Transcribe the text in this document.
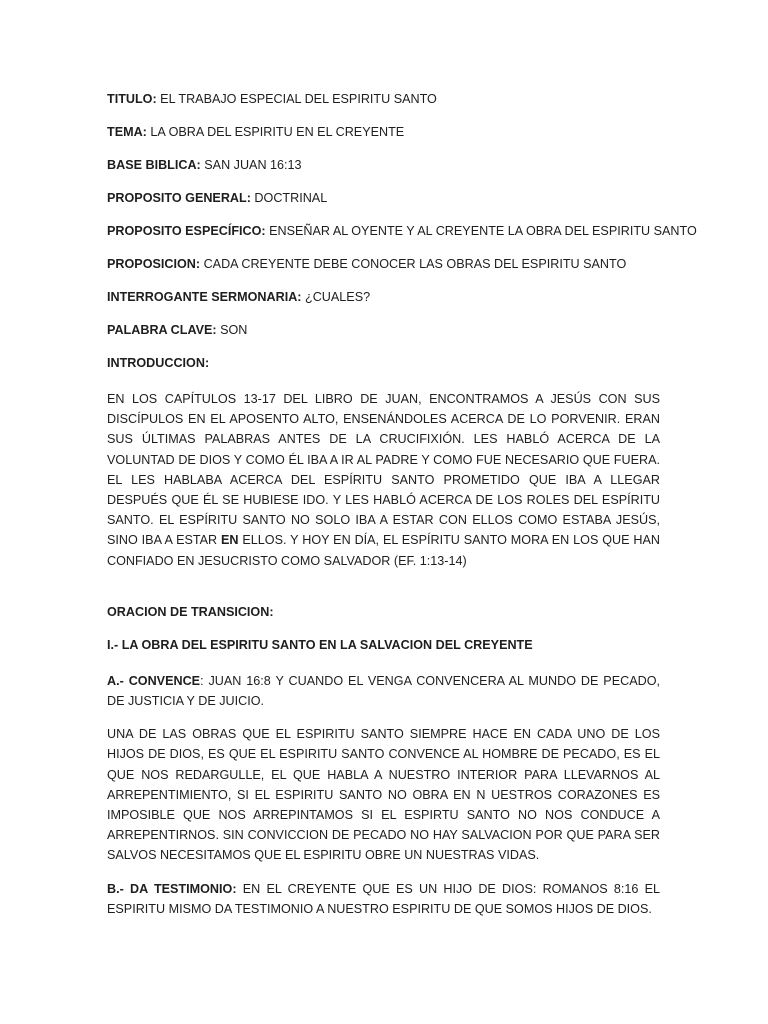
TITULO: EL TRABAJO ESPECIAL DEL ESPIRITU SANTO

TEMA: LA OBRA DEL ESPIRITU EN EL CREYENTE

BASE BIBLICA: SAN JUAN 16:13

PROPOSITO GENERAL: DOCTRINAL

PROPOSITO ESPECÍFICO: ENSEÑAR AL OYENTE Y AL CREYENTE LA OBRA DEL ESPIRITU SANTO

PROPOSICION: CADA CREYENTE DEBE CONOCER LAS OBRAS DEL ESPIRITU SANTO

INTERROGANTE SERMONARIA: ¿CUALES?

PALABRA CLAVE: SON

INTRODUCCION:

EN LOS CAPÍTULOS 13-17 DEL LIBRO DE JUAN, ENCONTRAMOS A JESÚS CON SUS DISCÍPULOS EN EL APOSENTO ALTO, ENSENÁNDOLES ACERCA DE LO PORVENIR. ERAN SUS ÚLTIMAS PALABRAS ANTES DE LA CRUCIFIXIÓN. LES HABLÓ ACERCA DE LA VOLUNTAD DE DIOS Y COMO ÉL IBA A IR AL PADRE Y COMO FUE NECESARIO QUE FUERA. EL LES HABLABA ACERCA DEL ESPÍRITU SANTO PROMETIDO QUE IBA A LLEGAR DESPUÉS QUE ÉL SE HUBIESE IDO. Y LES HABLÓ ACERCA DE LOS ROLES DEL ESPÍRITU SANTO. EL ESPÍRITU SANTO NO SOLO IBA A ESTAR CON ELLOS COMO ESTABA JESÚS, SINO IBA A ESTAR EN ELLOS. Y HOY EN DÍA, EL ESPÍRITU SANTO MORA EN LOS QUE HAN CONFIADO EN JESUCRISTO COMO SALVADOR (EF. 1:13-14)

ORACION DE TRANSICION:

I.- LA OBRA DEL ESPIRITU SANTO EN LA SALVACION DEL CREYENTE

A.- CONVENCE: JUAN 16:8 Y CUANDO EL VENGA CONVENCERA AL MUNDO DE PECADO, DE JUSTICIA Y DE JUICIO.

UNA DE LAS OBRAS QUE EL ESPIRITU SANTO SIEMPRE HACE EN CADA UNO DE LOS HIJOS DE DIOS, ES QUE EL ESPIRITU SANTO CONVENCE AL HOMBRE DE PECADO, ES EL QUE NOS REDARGULLE, EL QUE HABLA A NUESTRO INTERIOR PARA LLEVARNOS AL ARREPENTIMIENTO, SI EL ESPIRITU SANTO NO OBRA EN N UESTROS CORAZONES ES IMPOSIBLE QUE NOS ARREPINTAMOS SI EL ESPIRTU SANTO NO NOS CONDUCE A ARREPENTIRNOS. SIN CONVICCION DE PECADO NO HAY SALVACION POR QUE PARA SER SALVOS NECESITAMOS QUE EL ESPIRITU OBRE UN NUESTRAS VIDAS.

B.- DA TESTIMONIO: EN EL CREYENTE QUE ES UN HIJO DE DIOS: ROMANOS 8:16 EL ESPIRITU MISMO DA TESTIMONIO A NUESTRO ESPIRITU DE QUE SOMOS HIJOS DE DIOS.
